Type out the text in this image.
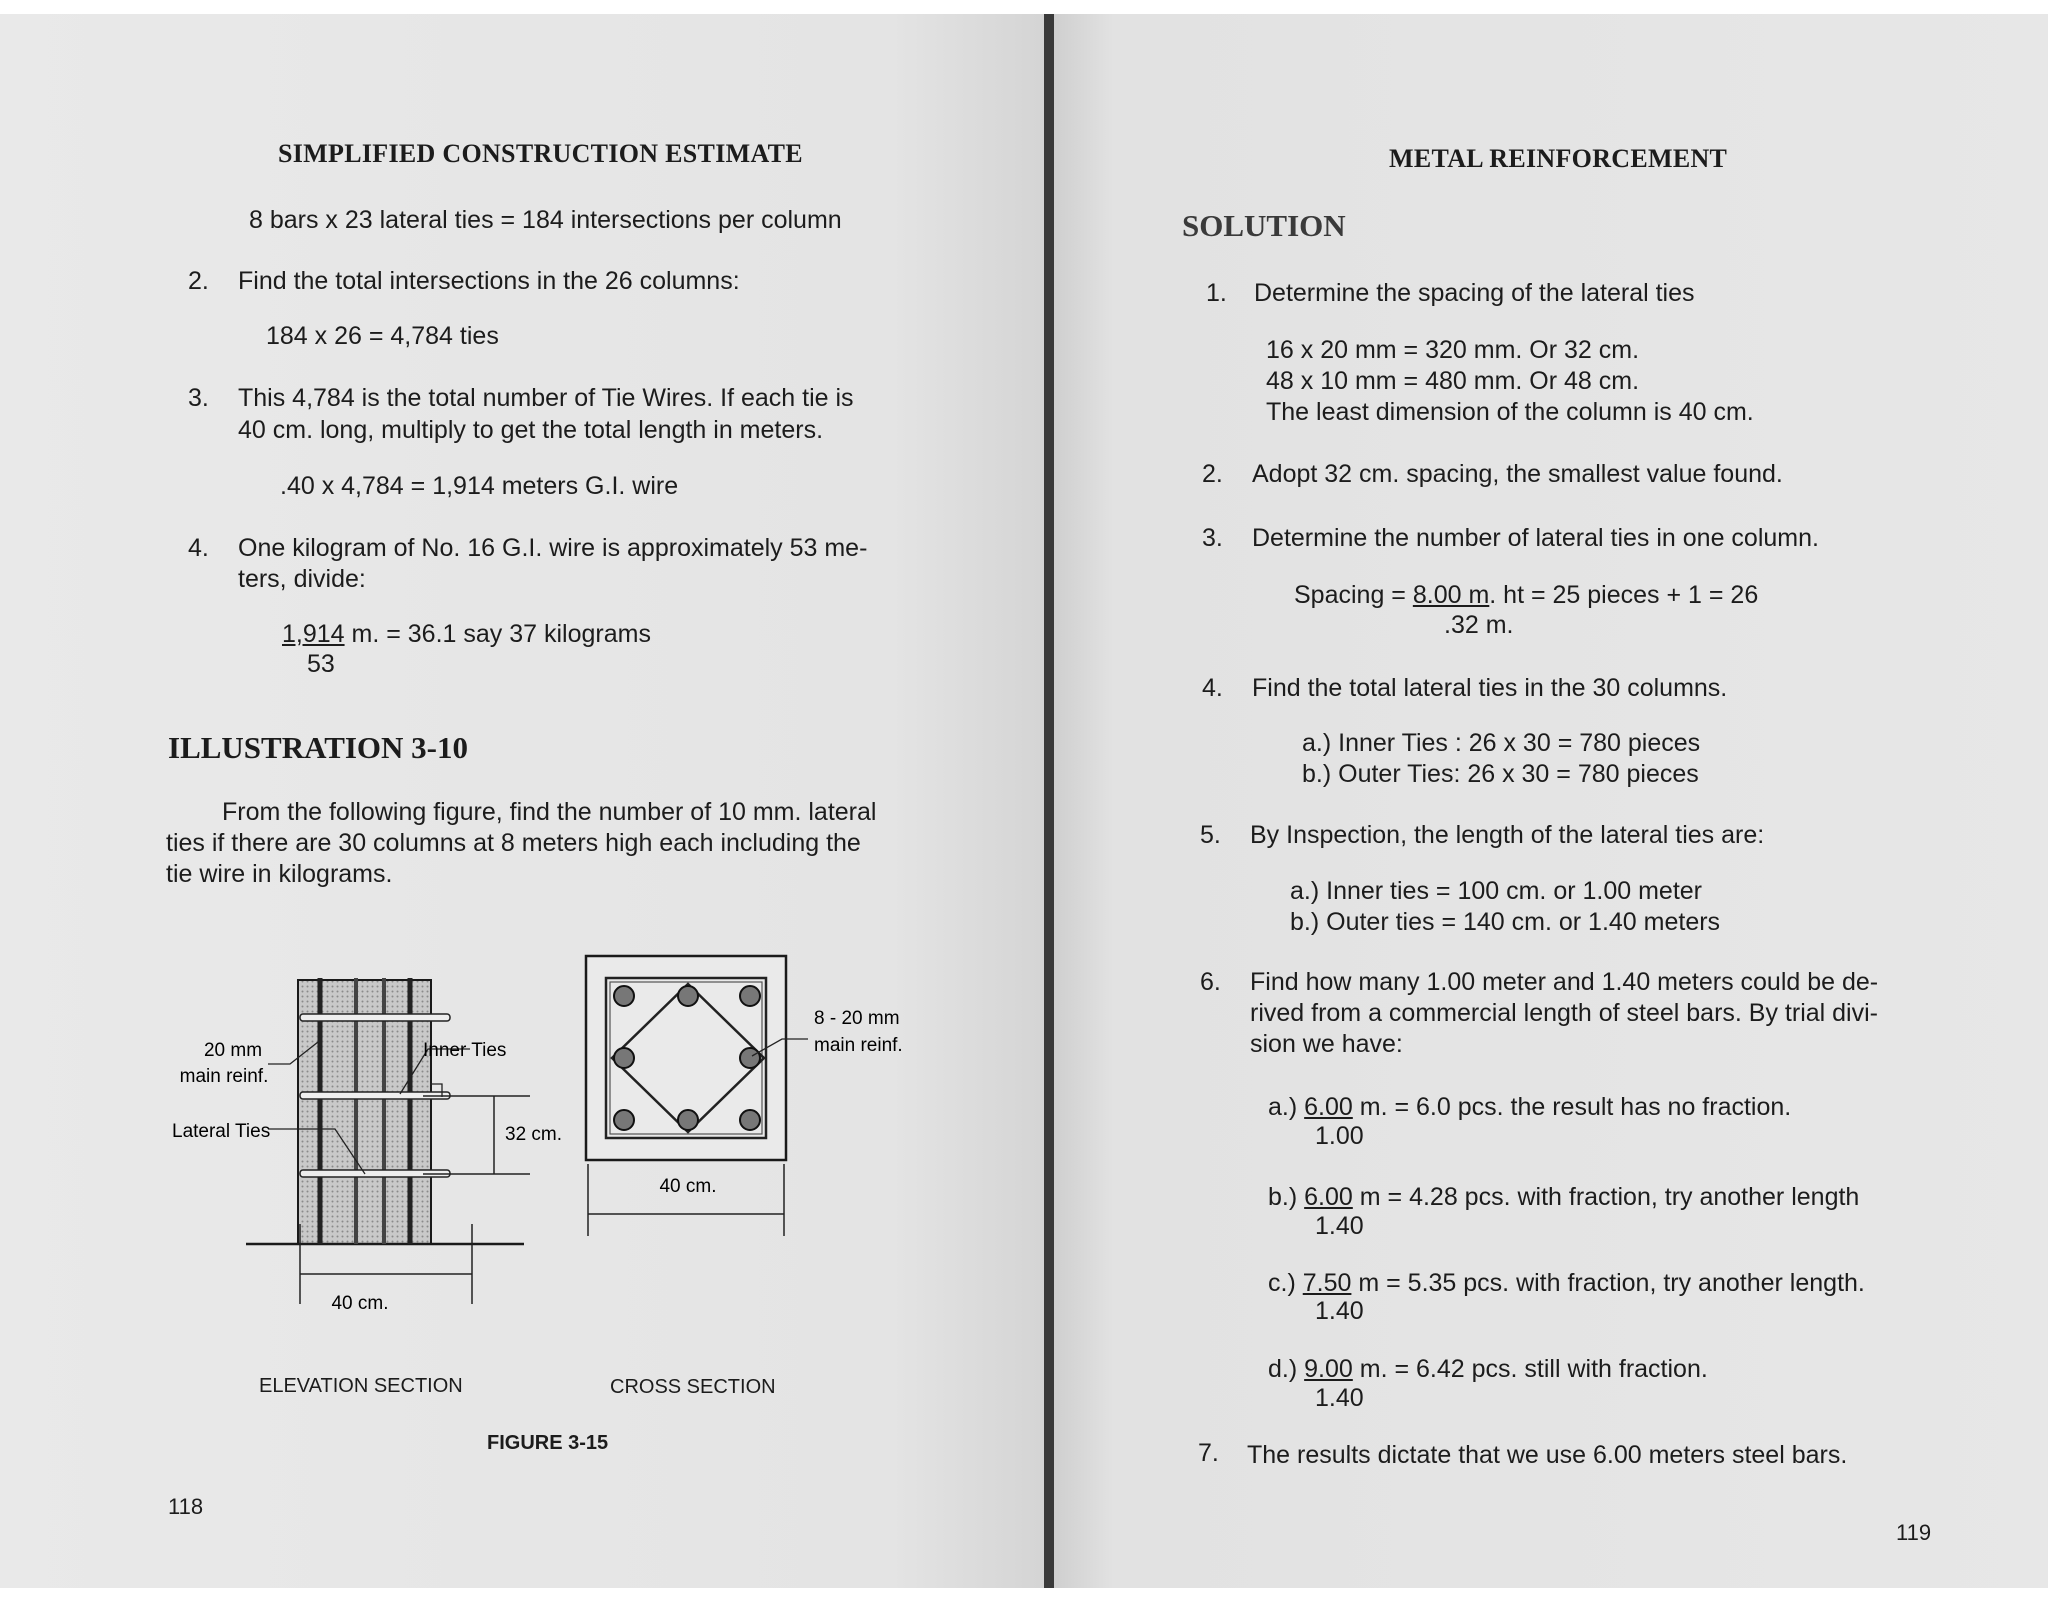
SIMPLIFIED CONSTRUCTION ESTIMATE
8 bars x 23 lateral ties = 184 intersections per column
2. Find the total intersections in the 26 columns:
184 x 26 = 4,784 ties
3. This 4,784 is the total number of Tie Wires. If each tie is
40 cm. long, multiply to get the total length in meters.
.40 x 4,784 = 1,914 meters G.I. wire
4. One kilogram of No. 16 G.I. wire is approximately 53 me-
ters, divide:
1,914 m. = 36.1 say 37 kilograms
53
ILLUSTRATION 3-10
From the following figure, find the number of 10 mm. lateral
ties if there are 30 columns at 8 meters high each including the
tie wire in kilograms.
20 mm
main reinf.
Inner Ties
Lateral Ties	32 cm.
40 cm.
8 - 20 mm
main reinf.
40 cm.
ELEVATION SECTION	CROSS SECTION
FIGURE 3-15
118
METAL REINFORCEMENT
SOLUTION
1. Determine the spacing of the lateral ties
16 x 20 mm = 320 mm. Or 32 cm.
48 x 10 mm = 480 mm. Or 48 cm.
The least dimension of the column is 40 cm.
2. Adopt 32 cm. spacing, the smallest value found.
3. Determine the number of lateral ties in one column.
Spacing = 8.00 m. ht = 25 pieces + 1 = 26
.32 m.
4. Find the total lateral ties in the 30 columns.
a.) Inner Ties : 26 x 30 = 780 pieces
b.) Outer Ties: 26 x 30 = 780 pieces
5. By Inspection, the length of the lateral ties are:
a.) Inner ties = 100 cm. or 1.00 meter
b.) Outer ties = 140 cm. or 1.40 meters
6. Find how many 1.00 meter and 1.40 meters could be de-
rived from a commercial length of steel bars. By trial divi-
sion we have:
a.) 6.00 m. = 6.0 pcs. the result has no fraction.
1.00
b.) 6.00 m = 4.28 pcs. with fraction, try another length
1.40
c.) 7.50 m = 5.35 pcs. with fraction, try another length.
1.40
d.) 9.00 m. = 6.42 pcs. still with fraction.
1.40
7. The results dictate that we use 6.00 meters steel bars.
119
